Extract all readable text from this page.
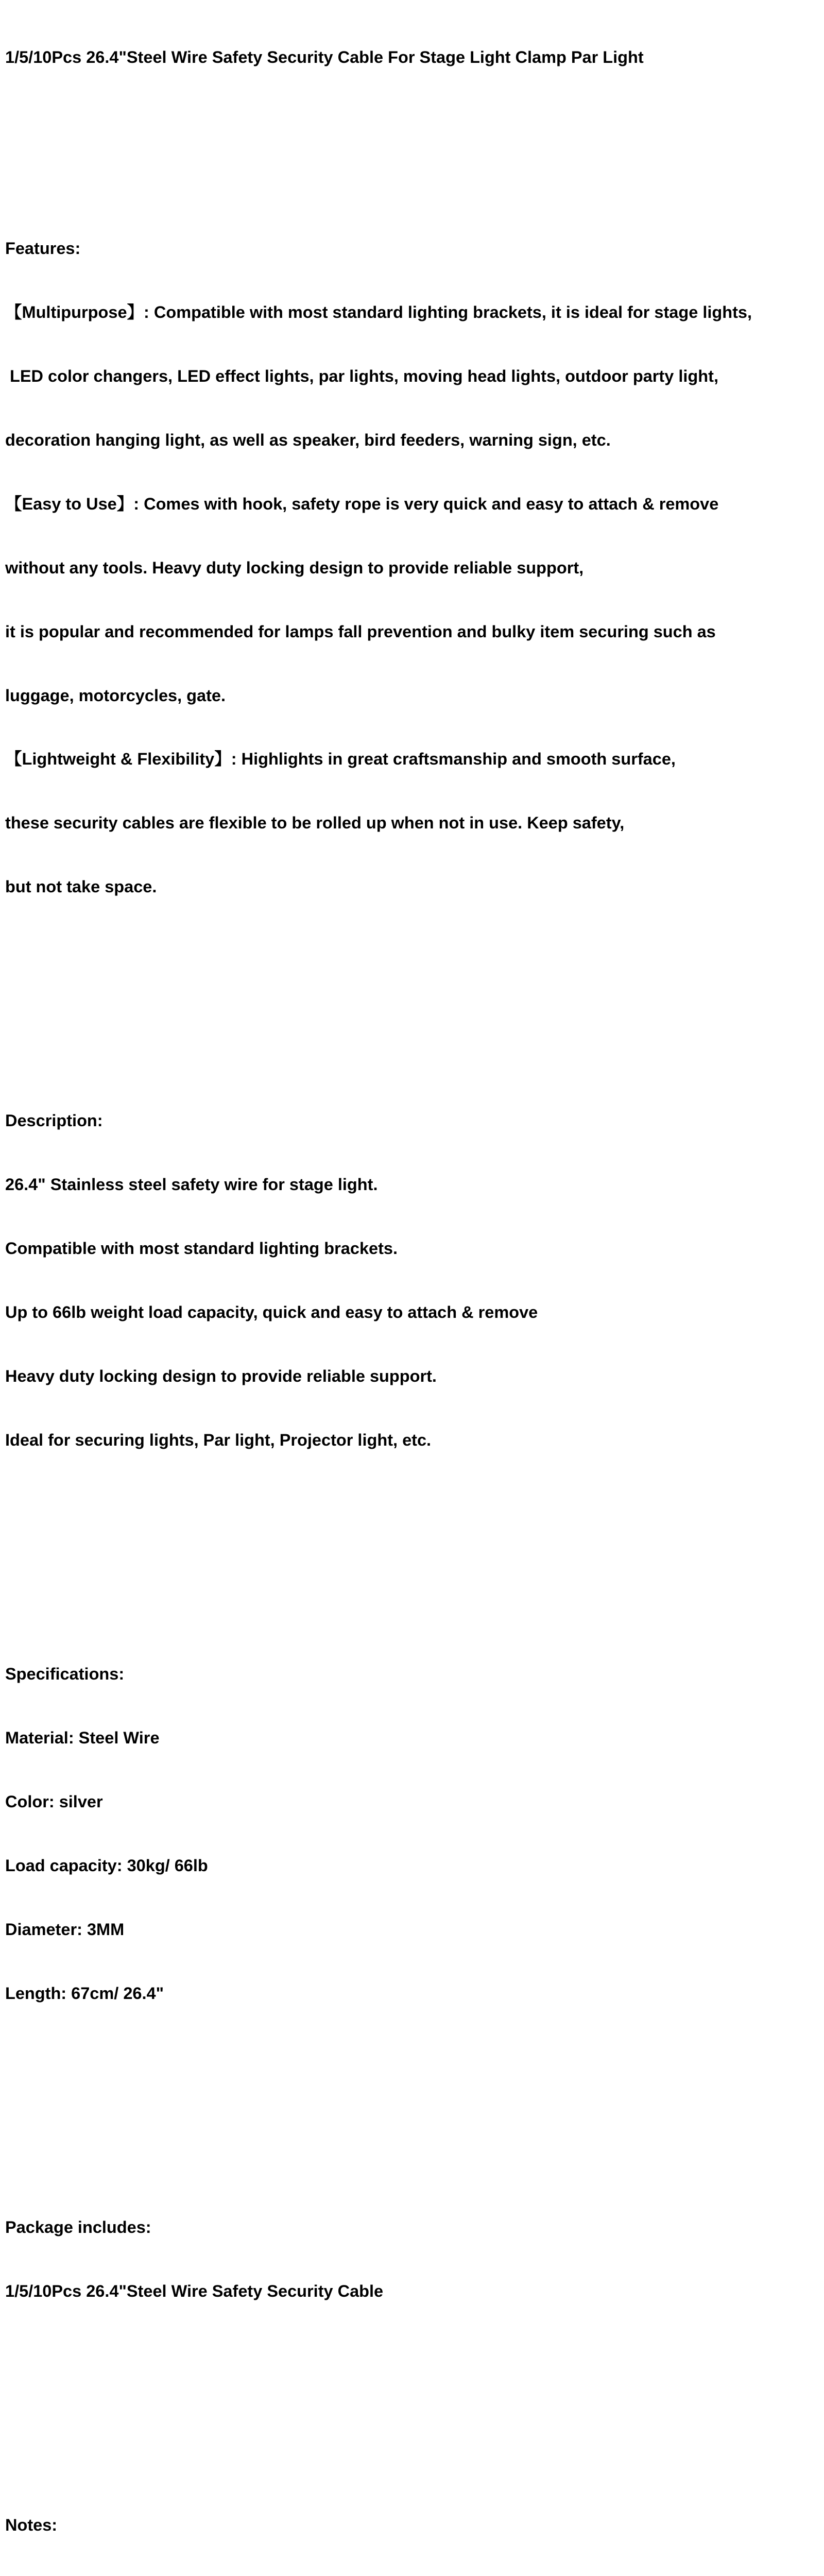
1/5/10Pcs 26.4"Steel Wire Safety Security Cable For Stage Light Clamp Par Light

Features:

【Multipurpose】: Compatible with most standard lighting brackets, it is ideal for stage lights,

LED color changers, LED effect lights, par lights, moving head lights, outdoor party light,

decoration hanging light, as well as speaker, bird feeders, warning sign, etc.

【Easy to Use】: Comes with hook, safety rope is very quick and easy to attach & remove

without any tools. Heavy duty locking design to provide reliable support,

it is popular and recommended for lamps fall prevention and bulky item securing such as

luggage, motorcycles, gate.

【Lightweight & Flexibility】: Highlights in great craftsmanship and smooth surface,

these security cables are flexible to be rolled up when not in use. Keep safety,

but not take space.

Description:

26.4" Stainless steel safety wire for stage light.

Compatible with most standard lighting brackets.

Up to 66lb weight load capacity, quick and easy to attach & remove

Heavy duty locking design to provide reliable support.

Ideal for securing lights, Par light, Projector light, etc.

Specifications:

Material: Steel Wire

Color: silver

Load capacity: 30kg/ 66lb

Diameter: 3MM

Length: 67cm/ 26.4"

Package includes:

1/5/10Pcs 26.4"Steel Wire Safety Security Cable

Notes:
